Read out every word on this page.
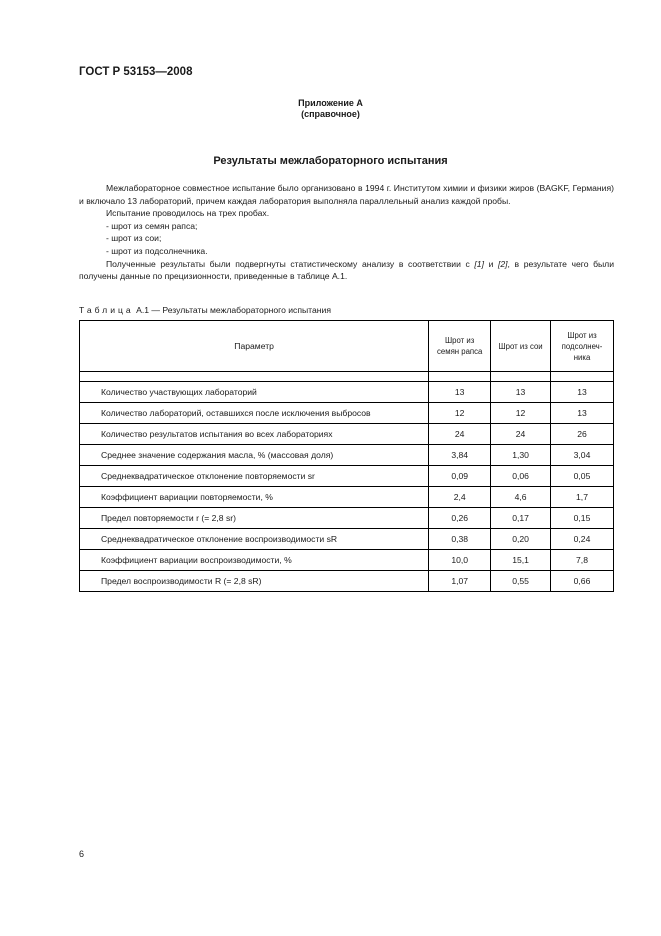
ГОСТ Р 53153—2008
Приложение А
(справочное)
Результаты межлабораторного испытания

Межлабораторное совместное испытание было организовано в 1994 г. Институтом химии и физики жиров (BAGKF, Германия) и включало 13 лабораторий, причем каждая лаборатория выполняла параллельный анализ каждой пробы.

Испытание проводилось на трех пробах.

- шрот из семян рапса;

- шрот из сои;

- шрот из подсолнечника.

Полученные результаты были подвергнуты статистическому анализу в соответствии с [1] и [2], в результате чего были получены данные по прецизионности, приведенные в таблице А.1.

Таблица А.1 — Результаты межлабораторного испытания
Параметр	Шрот из семян рапса	Шрот из сои	Шрот из подсолнеч-ника

Количество участвующих лабораторий	13	13	13
Количество лабораторий, оставшихся после исключения выбросов	12	12	13
Количество результатов испытания во всех лабораториях	24	24	26
Среднее значение содержания масла, % (массовая доля)	3,84	1,30	3,04
Среднеквадратическое отклонение повторяемости sr	0,09	0,06	0,05
Коэффициент вариации повторяемости, %	2,4	4,6	1,7
Предел повторяемости r (= 2,8 sr)	0,26	0,17	0,15
Среднеквадратическое отклонение воспроизводимости sR	0,38	0,20	0,24
Коэффициент вариации воспроизводимости, %	10,0	15,1	7,8
Предел воспроизводимости R (= 2,8 sR)	1,07	0,55	0,66
6
